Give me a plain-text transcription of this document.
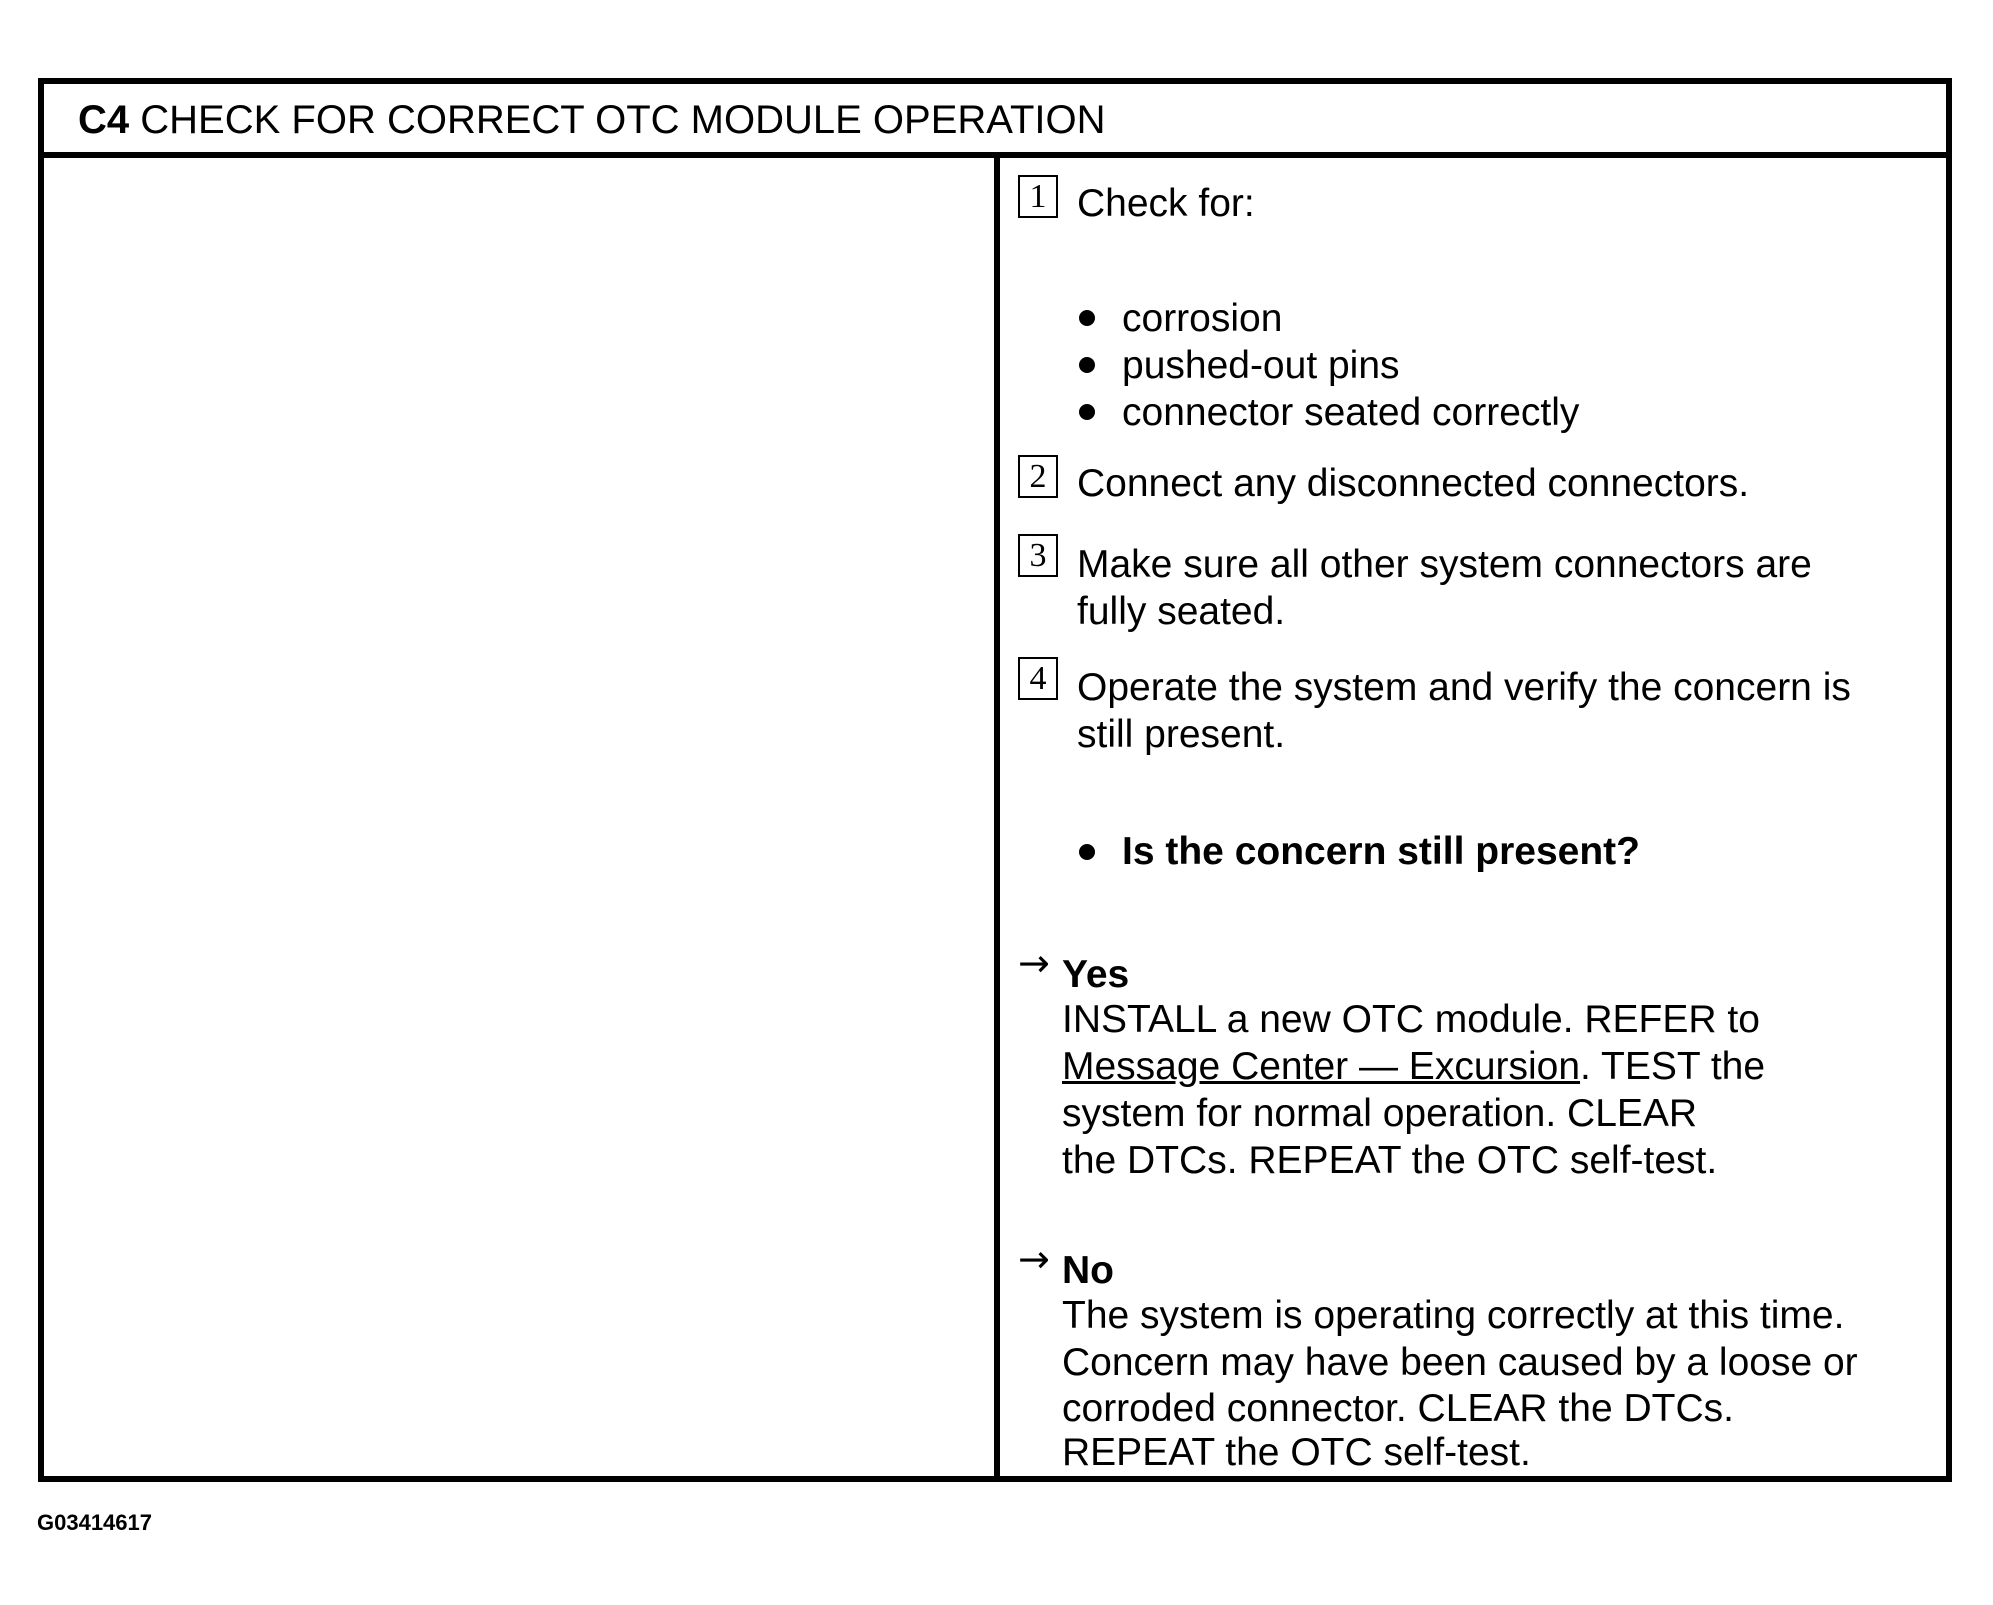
C4 CHECK FOR CORRECT OTC MODULE OPERATION
1 Check for:
corrosion
pushed-out pins
connector seated correctly
2 Connect any disconnected connectors.
3 Make sure all other system connectors are
fully seated.
4 Operate the system and verify the concern is
still present.
Is the concern still present?
→ Yes
INSTALL a new OTC module. REFER to
Message Center — Excursion. TEST the
system for normal operation. CLEAR
the DTCs. REPEAT the OTC self-test.
→ No
The system is operating correctly at this time.
Concern may have been caused by a loose or
corroded connector. CLEAR the DTCs.
REPEAT the OTC self-test.
G03414617
